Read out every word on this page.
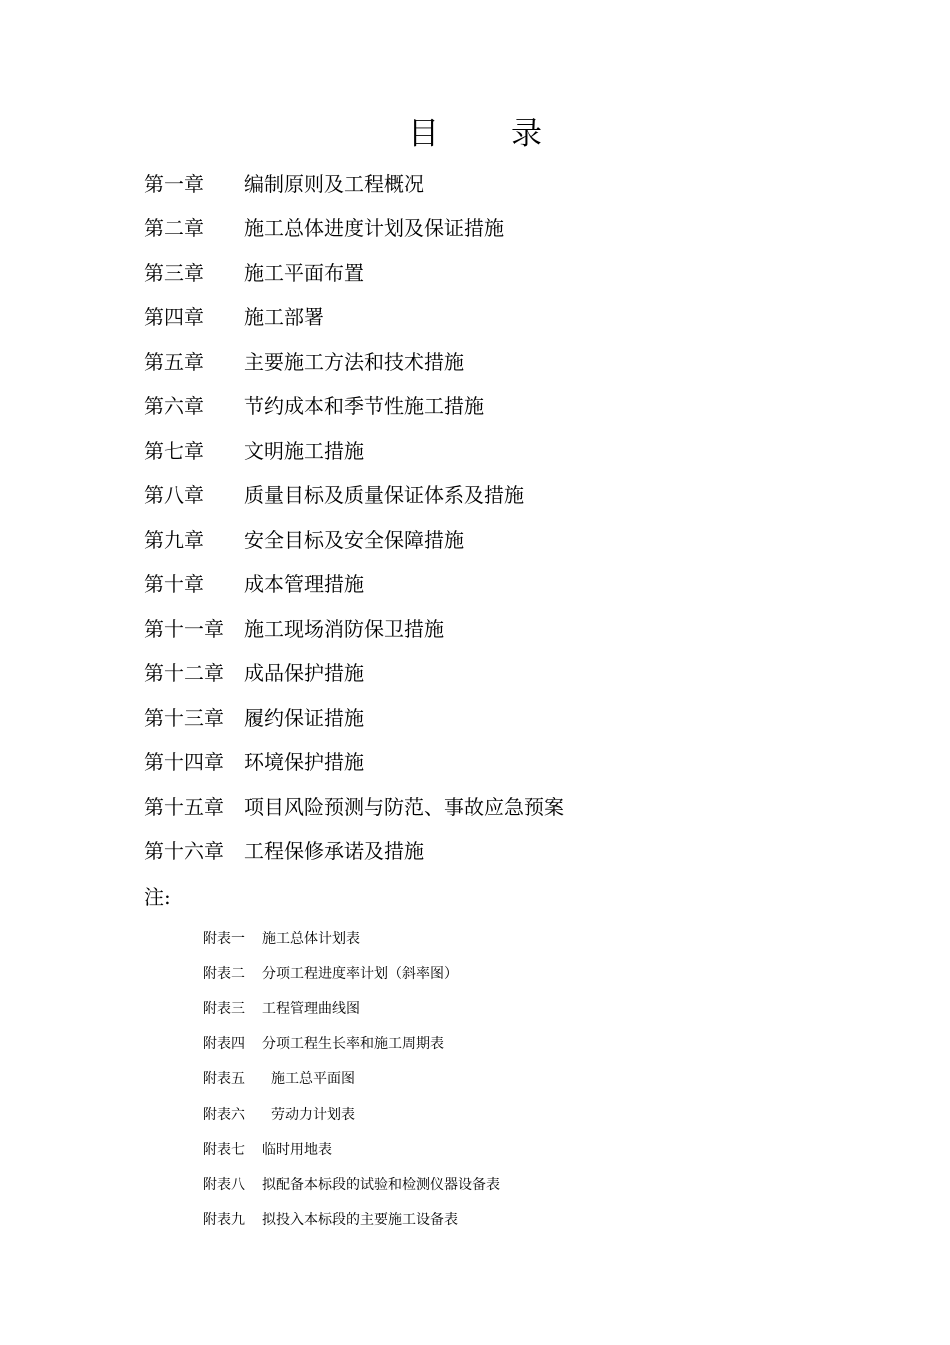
目 录
第一章	编制原则及工程概况
第二章	施工总体进度计划及保证措施
第三章	施工平面布置
第四章	施工部署
第五章	主要施工方法和技术措施
第六章	节约成本和季节性施工措施
第七章	文明施工措施
第八章	质量目标及质量保证体系及措施
第九章	安全目标及安全保障措施
第十章	成本管理措施
第十一章	施工现场消防保卫措施
第十二章	成品保护措施
第十三章	履约保证措施
第十四章	环境保护措施
第十五章	项目风险预测与防范、事故应急预案
第十六章	工程保修承诺及措施
注:
附表一	施工总体计划表
附表二	分项工程进度率计划（斜率图）
附表三	工程管理曲线图
附表四	分项工程生长率和施工周期表
附表五	施工总平面图
附表六	劳动力计划表
附表七	临时用地表
附表八	拟配备本标段的试验和检测仪器设备表
附表九	拟投入本标段的主要施工设备表
